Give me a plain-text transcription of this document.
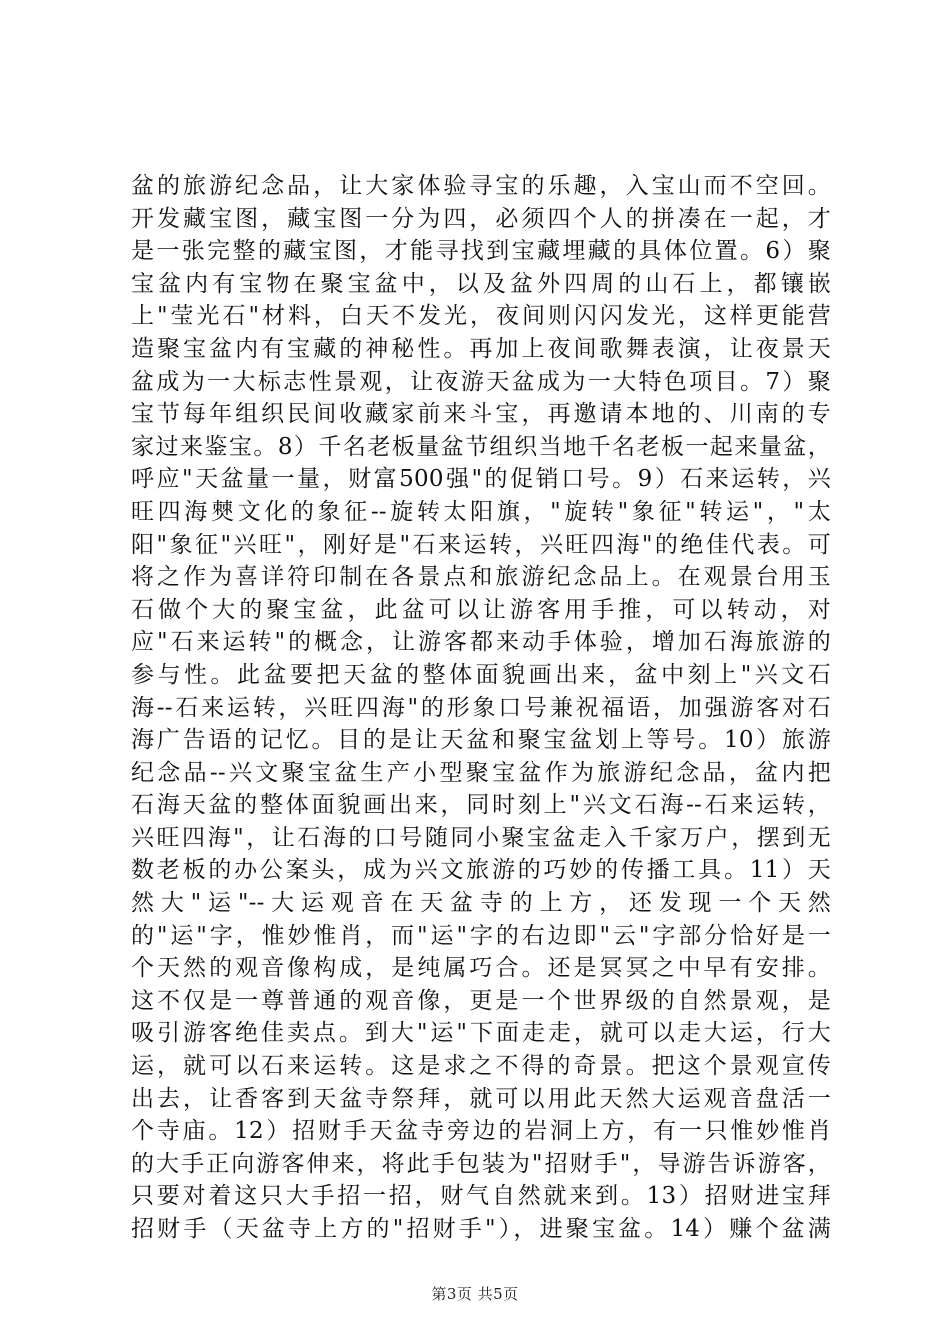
盆的旅游纪念品，让大家体验寻宝的乐趣，入宝山而不空回。
开发藏宝图，藏宝图一分为四，必须四个人的拼凑在一起，才
是一张完整的藏宝图，才能寻找到宝藏埋藏的具体位置。6）聚
宝盆内有宝物在聚宝盆中，以及盆外四周的山石上，都镶嵌
上"莹光石"材料，白天不发光，夜间则闪闪发光，这样更能营
造聚宝盆内有宝藏的神秘性。再加上夜间歌舞表演，让夜景天
盆成为一大标志性景观，让夜游天盆成为一大特色项目。7）聚
宝节每年组织民间收藏家前来斗宝，再邀请本地的、川南的专
家过来鉴宝。8）千名老板量盆节组织当地千名老板一起来量盆，
呼应"天盆量一量，财富500强"的促销口号。9）石来运转，兴
旺四海僰文化的象征--旋转太阳旗，"旋转"象征"转运"，"太
阳"象征"兴旺"，刚好是"石来运转，兴旺四海"的绝佳代表。可
将之作为喜详符印制在各景点和旅游纪念品上。在观景台用玉
石做个大的聚宝盆，此盆可以让游客用手推，可以转动，对
应"石来运转"的概念，让游客都来动手体验，增加石海旅游的
参与性。此盆要把天盆的整体面貌画出来，盆中刻上"兴文石
海--石来运转，兴旺四海"的形象口号兼祝福语，加强游客对石
海广告语的记忆。目的是让天盆和聚宝盆划上等号。10）旅游
纪念品--兴文聚宝盆生产小型聚宝盆作为旅游纪念品，盆内把
石海天盆的整体面貌画出来，同时刻上"兴文石海--石来运转，
兴旺四海"，让石海的口号随同小聚宝盆走入千家万户，摆到无
数老板的办公案头，成为兴文旅游的巧妙的传播工具。11）天
然大"运"--大运观音在天盆寺的上方，还发现一个天然
的"运"字，惟妙惟肖，而"运"字的右边即"云"字部分恰好是一
个天然的观音像构成，是纯属巧合。还是冥冥之中早有安排。
这不仅是一尊普通的观音像，更是一个世界级的自然景观，是
吸引游客绝佳卖点。到大"运"下面走走，就可以走大运，行大
运，就可以石来运转。这是求之不得的奇景。把这个景观宣传
出去，让香客到天盆寺祭拜，就可以用此天然大运观音盘活一
个寺庙。12）招财手天盆寺旁边的岩洞上方，有一只惟妙惟肖
的大手正向游客伸来，将此手包装为"招财手"，导游告诉游客，
只要对着这只大手招一招，财气自然就来到。13）招财进宝拜
招财手（天盆寺上方的"招财手"），进聚宝盆。14）赚个盆满
第3页 共5页
